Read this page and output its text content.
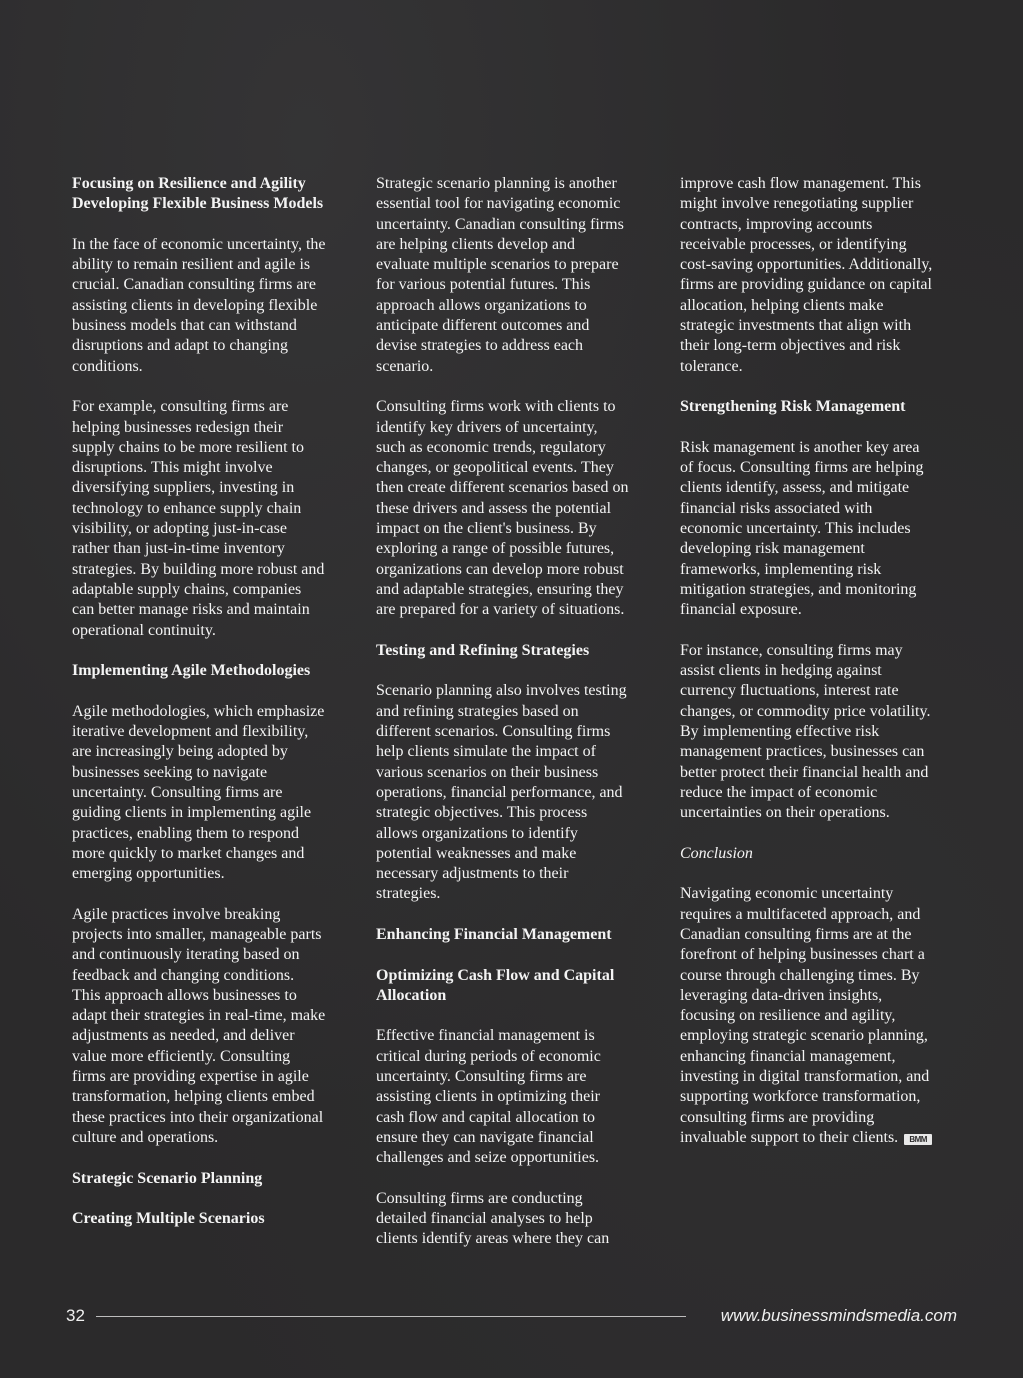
Focusing on Resilience and Agility
Developing Flexible Business Models

In the face of economic uncertainty, the
ability to remain resilient and agile is
crucial. Canadian consulting firms are
assisting clients in developing flexible
business models that can withstand
disruptions and adapt to changing
conditions.

For example, consulting firms are
helping businesses redesign their
supply chains to be more resilient to
disruptions. This might involve
diversifying suppliers, investing in
technology to enhance supply chain
visibility, or adopting just-in-case
rather than just-in-time inventory
strategies. By building more robust and
adaptable supply chains, companies
can better manage risks and maintain
operational continuity.

Implementing Agile Methodologies

Agile methodologies, which emphasize
iterative development and flexibility,
are increasingly being adopted by
businesses seeking to navigate
uncertainty. Consulting firms are
guiding clients in implementing agile
practices, enabling them to respond
more quickly to market changes and
emerging opportunities.

Agile practices involve breaking
projects into smaller, manageable parts
and continuously iterating based on
feedback and changing conditions.
This approach allows businesses to
adapt their strategies in real-time, make
adjustments as needed, and deliver
value more efficiently. Consulting
firms are providing expertise in agile
transformation, helping clients embed
these practices into their organizational
culture and operations.

Strategic Scenario Planning

Creating Multiple Scenarios

Strategic scenario planning is another
essential tool for navigating economic
uncertainty. Canadian consulting firms
are helping clients develop and
evaluate multiple scenarios to prepare
for various potential futures. This
approach allows organizations to
anticipate different outcomes and
devise strategies to address each
scenario.

Consulting firms work with clients to
identify key drivers of uncertainty,
such as economic trends, regulatory
changes, or geopolitical events. They
then create different scenarios based on
these drivers and assess the potential
impact on the client's business. By
exploring a range of possible futures,
organizations can develop more robust
and adaptable strategies, ensuring they
are prepared for a variety of situations.

Testing and Refining Strategies

Scenario planning also involves testing
and refining strategies based on
different scenarios. Consulting firms
help clients simulate the impact of
various scenarios on their business
operations, financial performance, and
strategic objectives. This process
allows organizations to identify
potential weaknesses and make
necessary adjustments to their
strategies.

Enhancing Financial Management

Optimizing Cash Flow and Capital
Allocation

Effective financial management is
critical during periods of economic
uncertainty. Consulting firms are
assisting clients in optimizing their
cash flow and capital allocation to
ensure they can navigate financial
challenges and seize opportunities.

Consulting firms are conducting
detailed financial analyses to help
clients identify areas where they can

improve cash flow management. This
might involve renegotiating supplier
contracts, improving accounts
receivable processes, or identifying
cost-saving opportunities. Additionally,
firms are providing guidance on capital
allocation, helping clients make
strategic investments that align with
their long-term objectives and risk
tolerance.

Strengthening Risk Management

Risk management is another key area
of focus. Consulting firms are helping
clients identify, assess, and mitigate
financial risks associated with
economic uncertainty. This includes
developing risk management
frameworks, implementing risk
mitigation strategies, and monitoring
financial exposure.

For instance, consulting firms may
assist clients in hedging against
currency fluctuations, interest rate
changes, or commodity price volatility.
By implementing effective risk
management practices, businesses can
better protect their financial health and
reduce the impact of economic
uncertainties on their operations.

Conclusion

Navigating economic uncertainty
requires a multifaceted approach, and
Canadian consulting firms are at the
forefront of helping businesses chart a
course through challenging times. By
leveraging data-driven insights,
focusing on resilience and agility,
employing strategic scenario planning,
enhancing financial management,
investing in digital transformation, and
supporting workforce transformation,
consulting firms are providing
invaluable support to their clients. BMM

32	www.businessmindsmedia.com
